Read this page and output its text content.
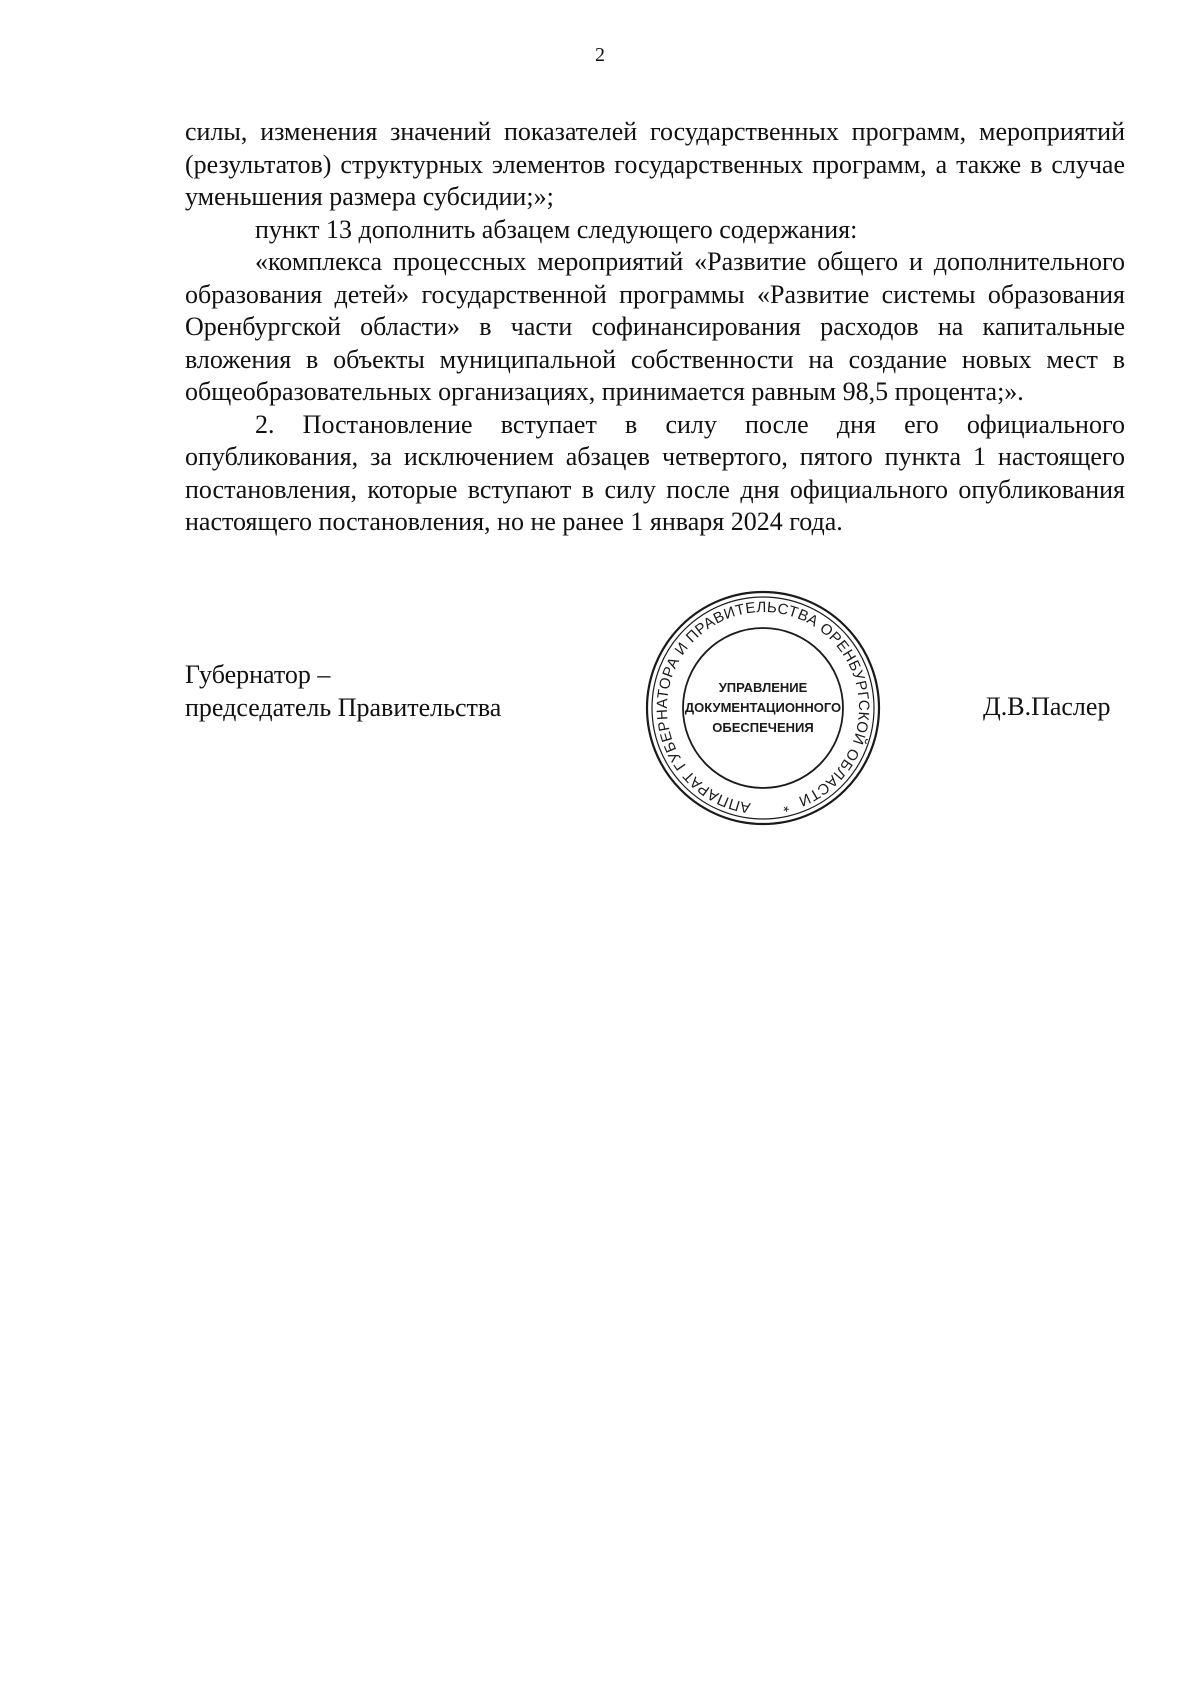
2

силы, изменения значений показателей государственных программ, мероприятий (результатов) структурных элементов государственных программ, а также в случае уменьшения размера субсидии;»;

пункт 13 дополнить абзацем следующего содержания:

«комплекса процессных мероприятий «Развитие общего и дополнительного образования детей» государственной программы «Развитие системы образования Оренбургской области» в части софинансирования расходов на капитальные вложения в объекты муниципальной собственности на создание новых мест в общеобразовательных организациях, принимается равным 98,5 процента;».

2. Постановление вступает в силу после дня его официального опубликования, за исключением абзацев четвертого, пятого пункта 1 настоящего постановления, которые вступают в силу после дня официального опубликования настоящего постановления, но не ранее 1 января 2024 года.

Губернатор –
председатель Правительства
АППАРАТ ГУБЕРНАТОРА И ПРАВИТЕЛЬСТВА ОРЕНБУРГСКОЙ ОБЛАСТИ *
УПРАВЛЕНИЕ
ДОКУМЕНТАЦИОННОГО
ОБЕСПЕЧЕНИЯ
Д.В.Паслер
